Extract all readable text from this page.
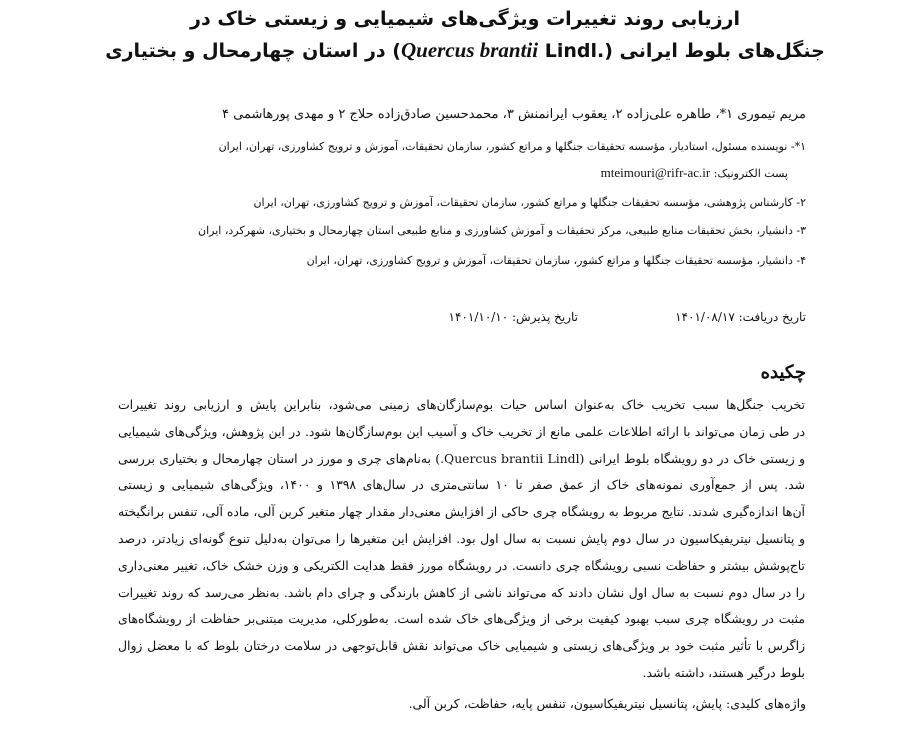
ارزیابی روند تغییرات ویژگی‌های شیمیایی و زیستی خاک در
جنگل‌های بلوط ایرانی (Quercus brantii Lindl.) در استان چهارمحال و بختیاری
مریم تیموری ۱*، طاهره علی‌زاده ۲، یعقوب ایرانمنش ۳، محمدحسین صادق‌زاده حلاج ۲ و مهدی پورهاشمی ۴
۱*- نویسنده مسئول، استادیار، مؤسسه تحقیقات جنگلها و مراتع کشور، سازمان تحقیقات، آموزش و ترویج کشاورزی، تهران، ایران
پست الکترونیک: mteimouri@rifr-ac.ir
۲- کارشناس پژوهشی، مؤسسه تحقیقات جنگلها و مراتع کشور، سازمان تحقیقات، آموزش و ترویج کشاورزی، تهران، ایران
۳- دانشیار، بخش تحقیقات منابع طبیعی، مرکز تحقیقات و آموزش کشاورزی و منابع طبیعی استان چهارمحال و بختیاری، شهرکرد، ایران
۴- دانشیار، مؤسسه تحقیقات جنگلها و مراتع کشور، سازمان تحقیقات، آموزش و ترویج کشاورزی، تهران، ایران
تاریخ دریافت: ۱۴۰۱/۰۸/۱۷
تاریخ پذیرش: ۱۴۰۱/۱۰/۱۰
چکیده
تخریب جنگل‌ها سبب تخریب خاک به‌عنوان اساس حیات بوم‌سازگان‌های زمینی می‌شود، بنابراین پایش و ارزیابی روند تغییرات
در طی زمان می‌تواند با ارائه اطلاعات علمی مانع از تخریب خاک و آسیب این بوم‌سازگان‌ها شود. در این پژوهش، ویژگی‌های شیمیایی
و زیستی خاک در دو رویشگاه بلوط ایرانی (Quercus brantii Lindl.) به‌نام‌های چری و مورز در استان چهارمحال و بختیاری بررسی
شد. پس از جمع‌آوری نمونه‌های خاک از عمق صفر تا ۱۰ سانتی‌متری در سال‌های ۱۳۹۸ و ۱۴۰۰، ویژگی‌های شیمیایی و زیستی
آن‌ها اندازه‌گیری شدند. نتایج مربوط به رویشگاه چری حاکی از افزایش معنی‌دار مقدار چهار متغیر کربن آلی، ماده آلی، تنفس برانگیخته
و پتانسیل نیتریفیکاسیون در سال دوم پایش نسبت به سال اول بود. افزایش این متغیرها را می‌توان به‌دلیل تنوع گونه‌ای زیادتر، درصد
تاج‌پوشش بیشتر و حفاظت نسبی رویشگاه چری دانست. در رویشگاه مورز فقط هدایت الکتریکی و وزن خشک خاک، تغییر معنی‌داری
را در سال دوم نسبت به سال اول نشان دادند که می‌تواند ناشی از کاهش بارندگی و چرای دام باشد. به‌نظر می‌رسد که روند تغییرات
مثبت در رویشگاه چری سبب بهبود کیفیت برخی از ویژگی‌های خاک شده است. به‌طورکلی، مدیریت مبتنی‌بر حفاظت از رویشگاه‌های
زاگرس با تأثیر مثبت خود بر ویژگی‌های زیستی و شیمیایی خاک می‌تواند نقش قابل‌توجهی در سلامت درختان بلوط که با معضل زوال
بلوط درگیر هستند، داشته باشد.
واژه‌های کلیدی: پایش، پتانسیل نیتریفیکاسیون، تنفس پایه، حفاظت، کربن آلی.
